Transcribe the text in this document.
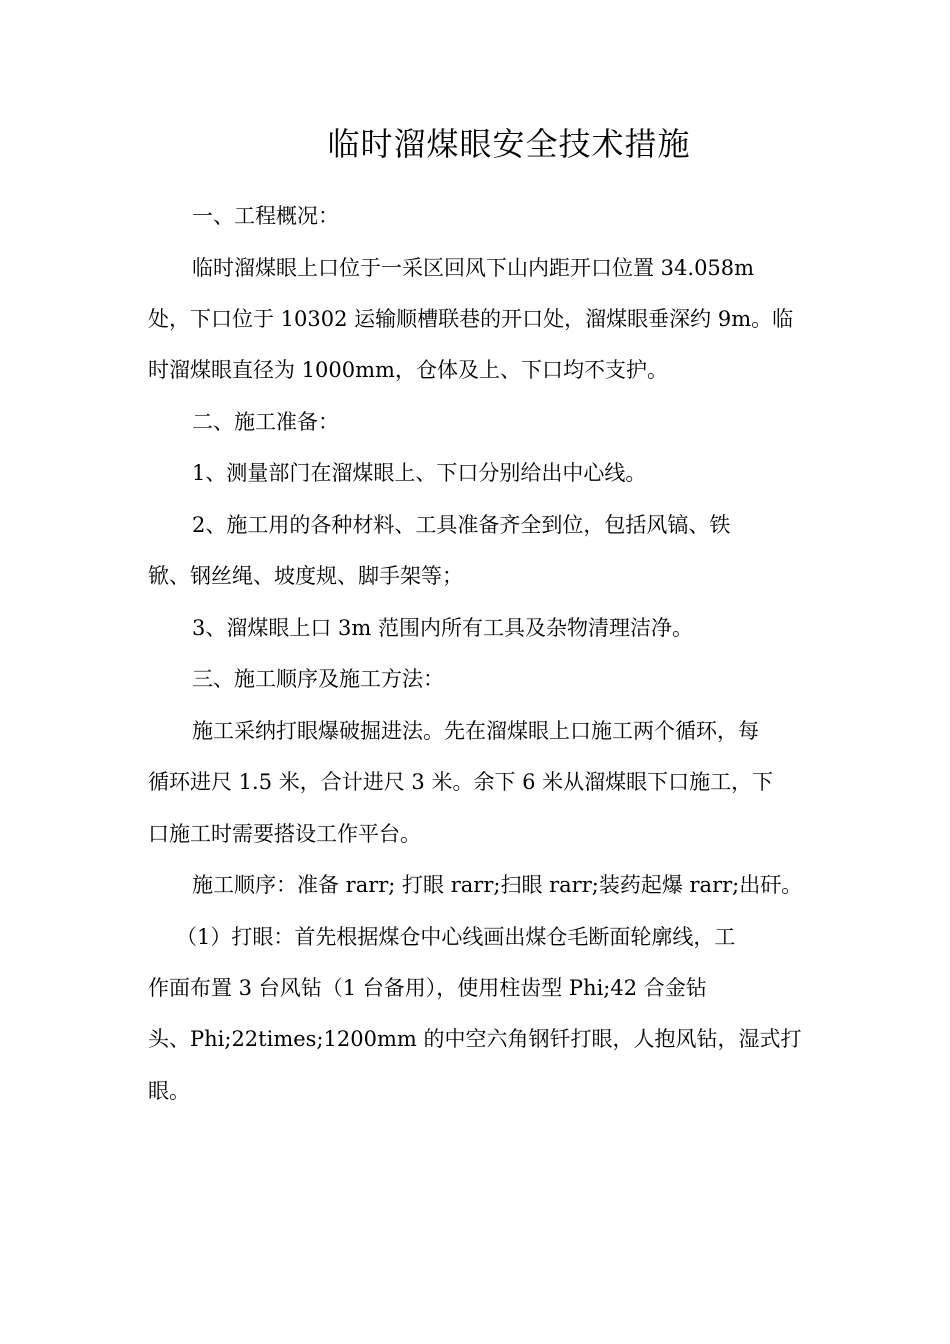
临时溜煤眼安全技术措施
一、工程概况：
临时溜煤眼上口位于一采区回风下山内距开口位置 34.058m
处，下口位于 10302 运输顺槽联巷的开口处，溜煤眼垂深约 9m。临
时溜煤眼直径为 1000mm，仓体及上、下口均不支护。
二、施工准备：
1、测量部门在溜煤眼上、下口分别给出中心线。
2、施工用的各种材料、工具准备齐全到位，包括风镐、铁
锨、钢丝绳、坡度规、脚手架等；
3、溜煤眼上口 3m 范围内所有工具及杂物清理洁净。
三、施工顺序及施工方法：
施工采纳打眼爆破掘进法。先在溜煤眼上口施工两个循环，每
循环进尺 1.5 米，合计进尺 3 米。余下 6 米从溜煤眼下口施工，下
口施工时需要搭设工作平台。
施工顺序：准备 rarr; 打眼 rarr;扫眼 rarr;装药起爆 rarr;出矸。
（1）打眼：首先根据煤仓中心线画出煤仓毛断面轮廓线，工
作面布置 3 台风钻（1 台备用），使用柱齿型 Phi;42 合金钻
头、Phi;22times;1200mm 的中空六角钢钎打眼，人抱风钻，湿式打
眼。
